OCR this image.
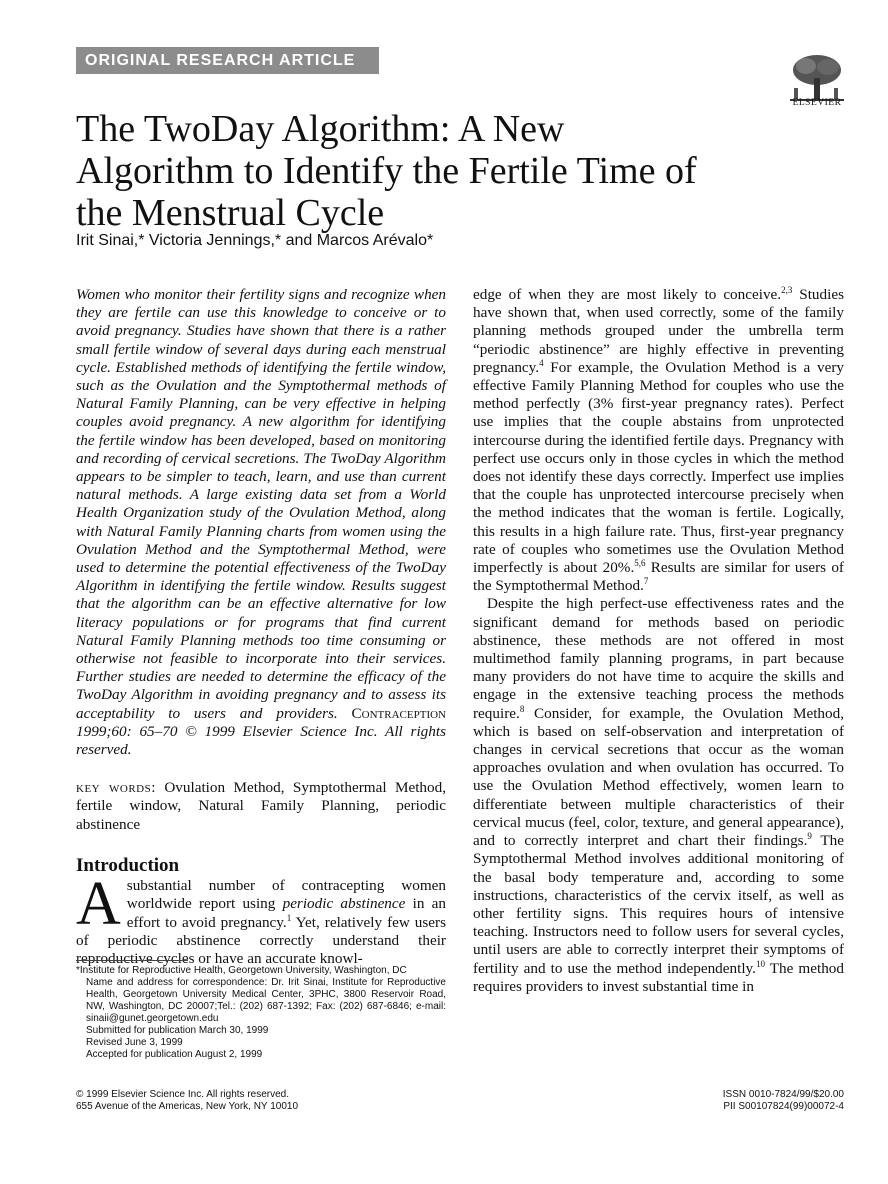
ORIGINAL RESEARCH ARTICLE
ELSEVIER
The TwoDay Algorithm: A New Algorithm to Identify the Fertile Time of the Menstrual Cycle
Irit Sinai,* Victoria Jennings,* and Marcos Arévalo*

Women who monitor their fertility signs and recognize when they are fertile can use this knowledge to conceive or to avoid pregnancy. Studies have shown that there is a rather small fertile window of several days during each menstrual cycle. Established methods of identifying the fertile window, such as the Ovulation and the Symptothermal methods of Natural Family Planning, can be very effective in helping couples avoid pregnancy. A new algorithm for identifying the fertile window has been developed, based on monitoring and recording of cervical secretions. The TwoDay Algorithm appears to be simpler to teach, learn, and use than current natural methods. A large existing data set from a World Health Organization study of the Ovulation Method, along with Natural Family Planning charts from women using the Ovulation Method and the Symptothermal Method, were used to determine the potential effectiveness of the TwoDay Algorithm in identifying the fertile window. Results suggest that the algorithm can be an effective alternative for low literacy populations or for programs that find current Natural Family Planning methods too time consuming or otherwise not feasible to incorporate into their services. Further studies are needed to determine the efficacy of the TwoDay Algorithm in avoiding pregnancy and to assess its acceptability to users and providers. Contraception 1999;60: 65–70 © 1999 Elsevier Science Inc. All rights reserved.

key words: Ovulation Method, Symptothermal Method, fertile window, Natural Family Planning, periodic abstinence

Introduction

A substantial number of contracepting women worldwide report using periodic abstinence in an effort to avoid pregnancy.$^1$ Yet, relatively few users of periodic abstinence correctly understand their reproductive cycles or have an accurate knowl-

*Institute for Reproductive Health, Georgetown University, Washington, DC

Name and address for correspondence: Dr. Irit Sinai, Institute for Reproductive Health, Georgetown University Medical Center, 3PHC, 3800 Reservoir Road, NW, Washington, DC 20007;Tel.: (202) 687-1392; Fax: (202) 687-6846; e-mail: sinaii@gunet.georgetown.edu

Submitted for publication March 30, 1999

Revised June 3, 1999

Accepted for publication August 2, 1999

edge of when they are most likely to conceive.$^{2,3}$ Studies have shown that, when used correctly, some of the family planning methods grouped under the umbrella term “periodic abstinence” are highly effective in preventing pregnancy.$^4$ For example, the Ovulation Method is a very effective Family Planning Method for couples who use the method perfectly (3% first-year pregnancy rates). Perfect use implies that the couple abstains from unprotected intercourse during the identified fertile days. Pregnancy with perfect use occurs only in those cycles in which the method does not identify these days correctly. Imperfect use implies that the couple has unprotected intercourse precisely when the method indicates that the woman is fertile. Logically, this results in a high failure rate. Thus, first-year pregnancy rate of couples who sometimes use the Ovulation Method imperfectly is about 20%.$^{5,6}$ Results are similar for users of the Symptothermal Method.$^7$

Despite the high perfect-use effectiveness rates and the significant demand for methods based on periodic abstinence, these methods are not offered in most multimethod family planning programs, in part because many providers do not have time to acquire the skills and engage in the extensive teaching process the methods require.$^8$ Consider, for example, the Ovulation Method, which is based on self-observation and interpretation of changes in cervical secretions that occur as the woman approaches ovulation and when ovulation has occurred. To use the Ovulation Method effectively, women learn to differentiate between multiple characteristics of their cervical mucus (feel, color, texture, and general appearance), and to correctly interpret and chart their findings.$^9$ The Symptothermal Method involves additional monitoring of the basal body temperature and, according to some instructions, characteristics of the cervix itself, as well as other fertility signs. This requires hours of intensive teaching. Instructors need to follow users for several cycles, until users are able to correctly interpret their symptoms of fertility and to use the method independently.$^{10}$ The method requires providers to invest substantial time in

© 1999 Elsevier Science Inc. All rights reserved.
655 Avenue of the Americas, New York, NY 10010
ISSN 0010-7824/99/$20.00
PII S00107824(99)00072-4
